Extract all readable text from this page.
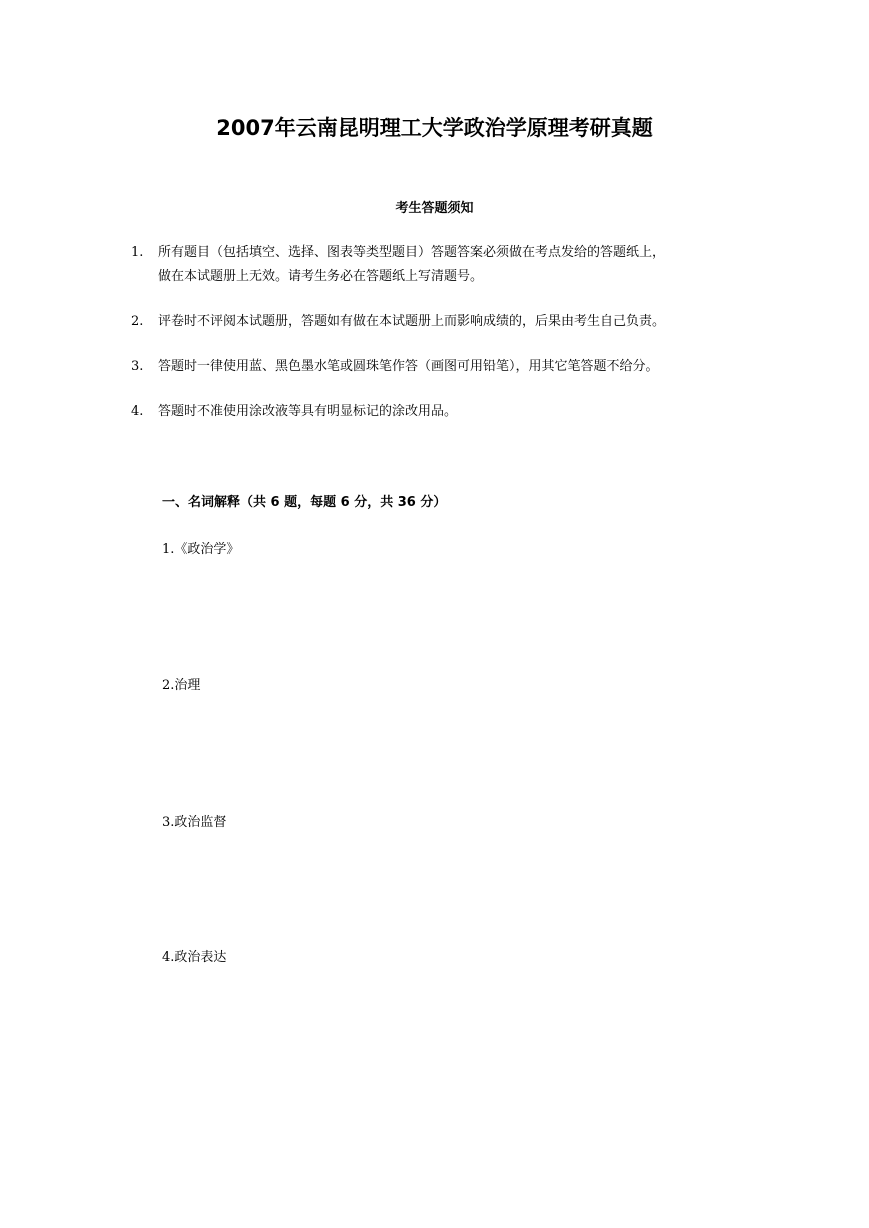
2007年云南昆明理工大学政治学原理考研真题
考生答题须知
1.	所有题目（包括填空、选择、图表等类型题目）答题答案必须做在考点发给的答题纸上，
做在本试题册上无效。请考生务必在答题纸上写清题号。
2.	评卷时不评阅本试题册，答题如有做在本试题册上而影响成绩的，后果由考生自己负责。
3.	答题时一律使用蓝、黑色墨水笔或圆珠笔作答（画图可用铅笔），用其它笔答题不给分。
4.	答题时不准使用涂改液等具有明显标记的涂改用品。
一、名词解释（共 6 题，每题 6 分，共 36 分）
1.《政治学》
2.治理
3.政治监督
4.政治表达
